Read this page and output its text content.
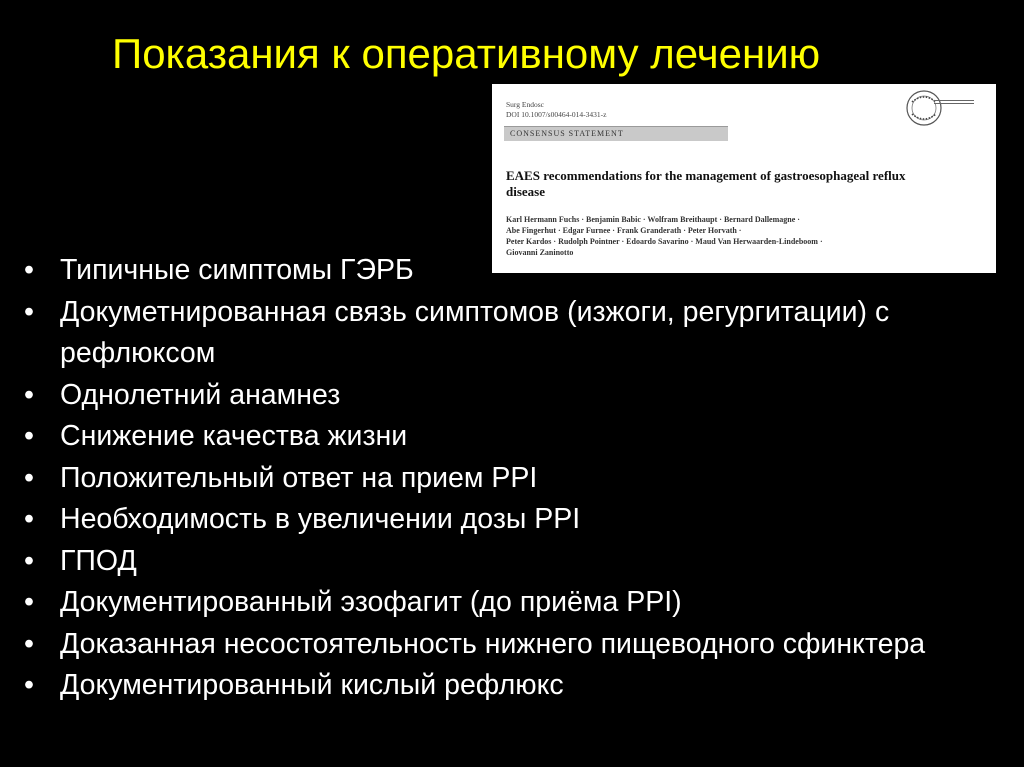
Показания к оперативному лечению
Surg Endosc
DOI 10.1007/s00464-014-3431-z
CONSENSUS STATEMENT
EAES recommendations for the management of gastroesophageal reflux disease
Karl Hermann Fuchs · Benjamin Babic · Wolfram Breithaupt · Bernard Dallemagne ·
Abe Fingerhut · Edgar Furnee · Frank Granderath · Peter Horvath ·
Peter Kardos · Rudolph Pointner · Edoardo Savarino · Maud Van Herwaarden-Lindeboom ·
Giovanni Zaninotto
• Типичные симптомы ГЭРБ
• Докуметнированная связь симптомов (изжоги, регургитации) с рефлюксом
• Однолетний анамнез
• Снижение качества жизни
• Положительный ответ на прием PPI
• Необходимость в увеличении дозы PPI
• ГПОД
• Документированный эзофагит (до приёма PPI)
• Доказанная несостоятельность нижнего пищеводного сфинктера
• Документированный кислый рефлюкс
